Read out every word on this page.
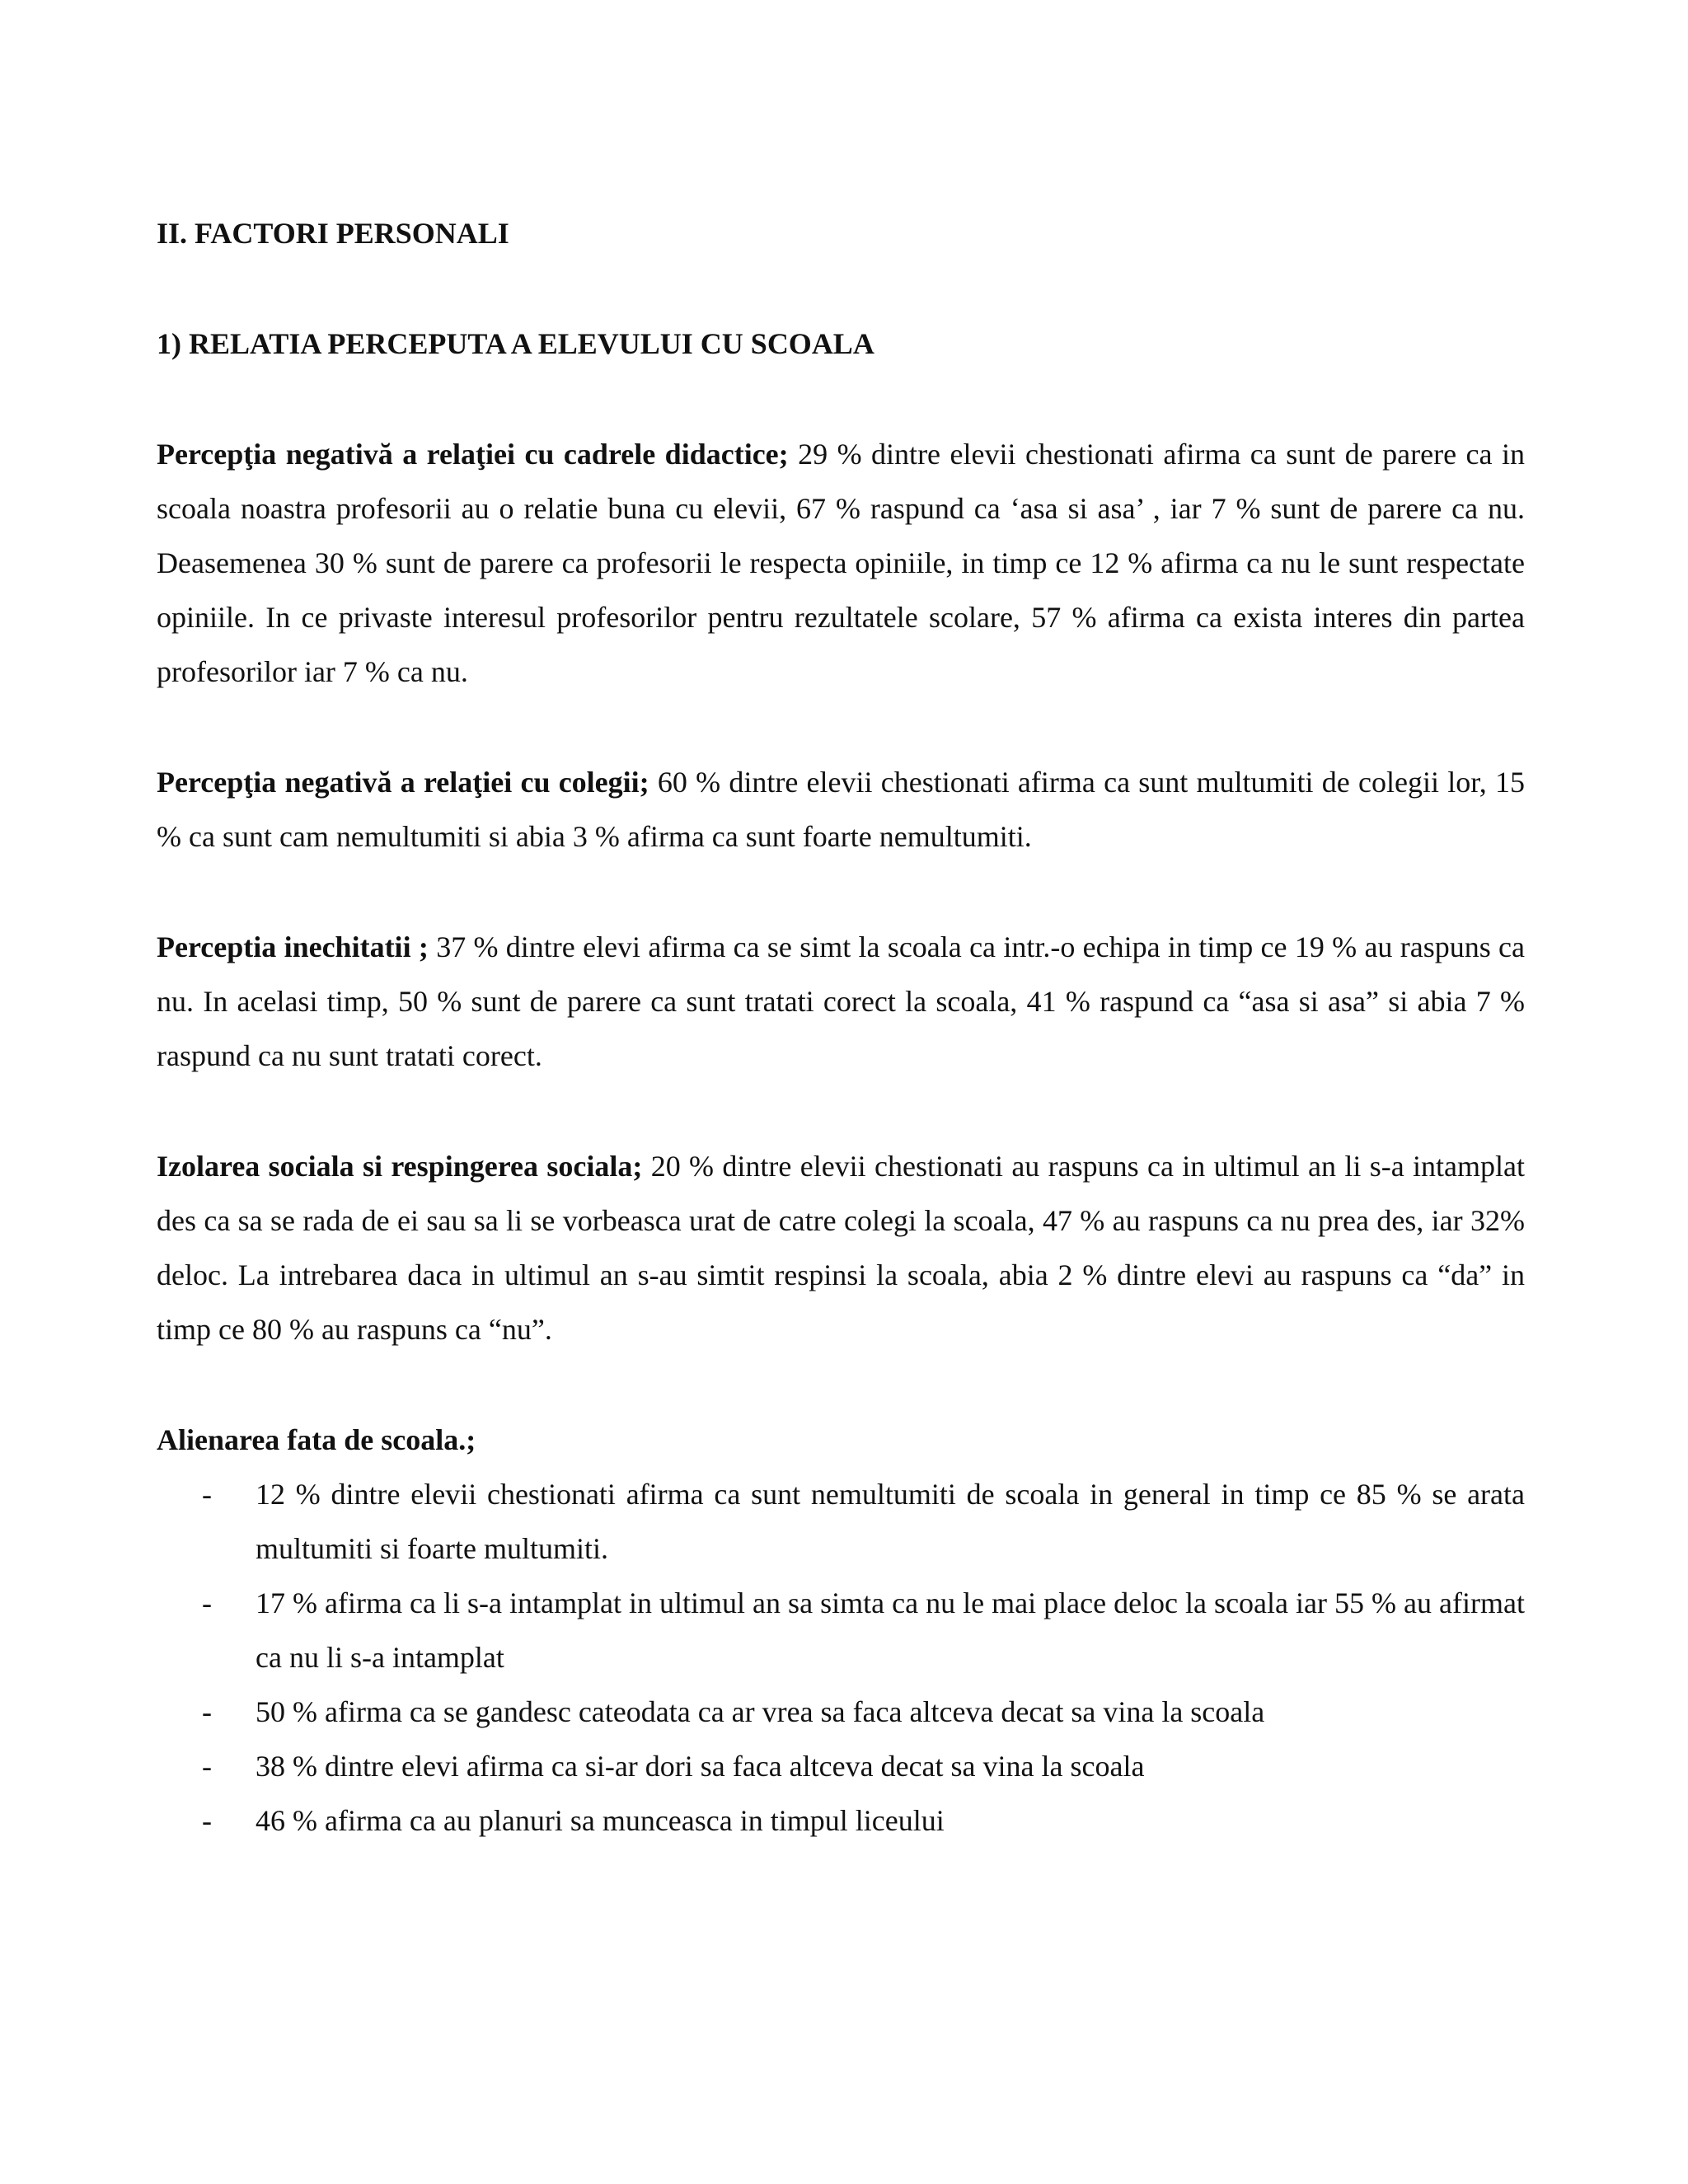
II. FACTORI PERSONALI

1) RELATIA PERCEPUTA A ELEVULUI CU SCOALA

Percepţia negativă a relaţiei cu cadrele didactice; 29 % dintre elevii chestionati afirma ca sunt de parere ca in scoala noastra profesorii au o relatie buna cu elevii, 67 % raspund ca ‘asa si asa’ , iar 7 % sunt de parere ca nu. Deasemenea 30 % sunt de parere ca profesorii le respecta opiniile, in timp ce 12 % afirma ca nu le sunt respectate opiniile. In ce privaste interesul profesorilor pentru rezultatele scolare, 57 % afirma ca exista interes din partea profesorilor iar 7 % ca nu.

Percepţia negativă a relaţiei cu colegii; 60 % dintre elevii chestionati afirma ca sunt multumiti de colegii lor, 15 % ca sunt cam nemultumiti si abia 3 % afirma ca sunt foarte nemultumiti.

Perceptia inechitatii ; 37 % dintre elevi afirma ca se simt la scoala ca intr.-o echipa in timp ce 19 % au raspuns ca nu. In acelasi timp, 50 % sunt de parere ca sunt tratati corect la scoala, 41 % raspund ca “asa si asa” si abia 7 % raspund ca nu sunt tratati corect.

Izolarea sociala si respingerea sociala; 20 % dintre elevii chestionati au raspuns ca in ultimul an li s-a intamplat des ca sa se rada de ei sau sa li se vorbeasca urat de catre colegi la scoala, 47 % au raspuns ca nu prea des, iar 32% deloc. La intrebarea daca in ultimul an s-au simtit respinsi la scoala, abia 2 % dintre elevi au raspuns ca “da” in timp ce 80 % au raspuns ca “nu”.

Alienarea fata de scoala.;

- 12 % dintre elevii chestionati afirma ca sunt nemultumiti de scoala in general in timp ce 85 % se arata multumiti si foarte multumiti.
- 17 % afirma ca li s-a intamplat in ultimul an sa simta ca nu le mai place deloc la scoala iar 55 % au afirmat ca nu li s-a intamplat
- 50 % afirma ca se gandesc cateodata ca ar vrea sa faca altceva decat sa vina la scoala
- 38 % dintre elevi afirma ca si-ar dori sa faca altceva decat sa vina la scoala
- 46 % afirma ca au planuri sa munceasca in timpul liceului
